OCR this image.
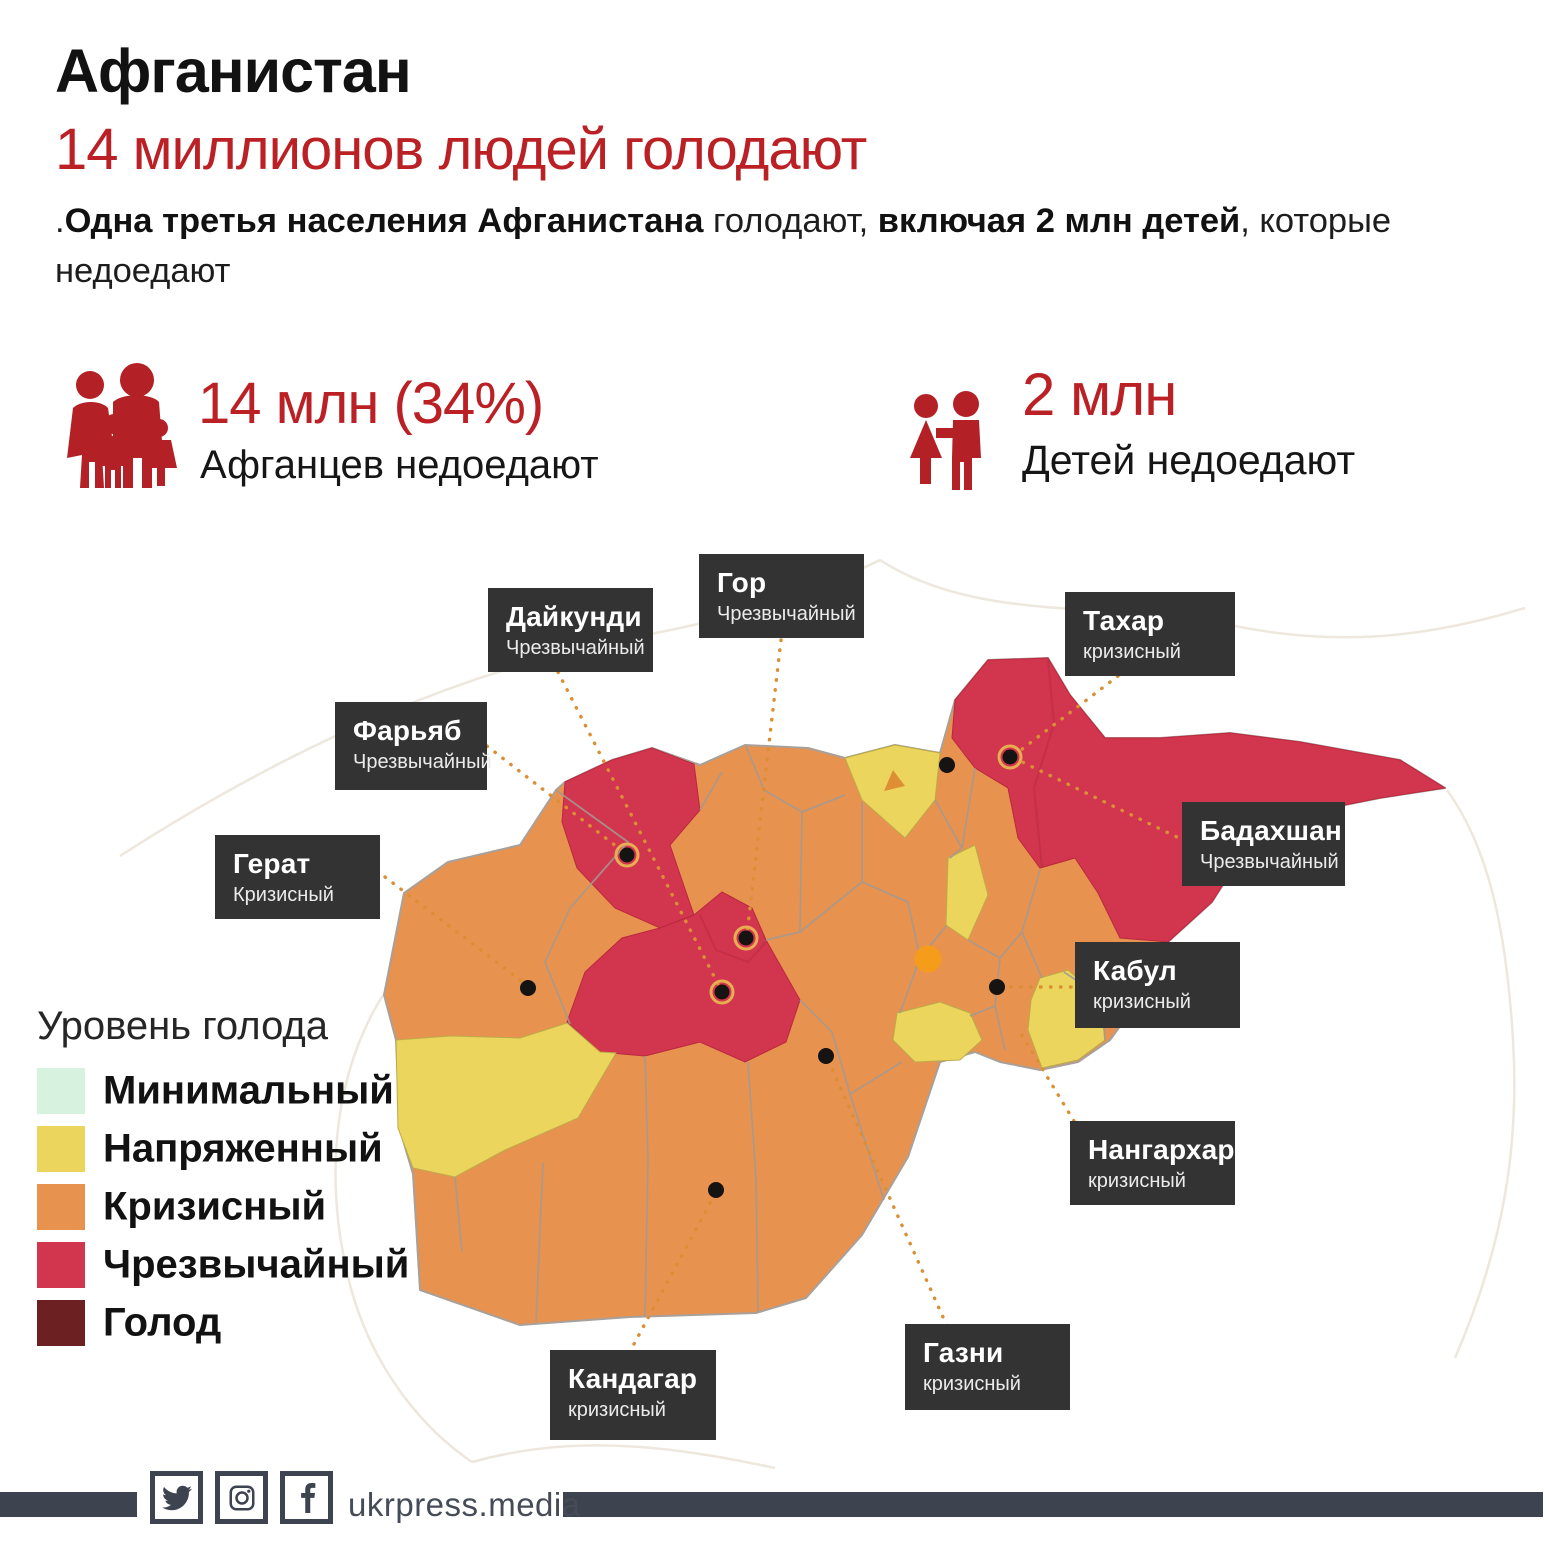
Афганистан
14 миллионов людей голодают

.Одна третья населения Афганистана голодают, включая 2 млн детей, которые недоедают

14 млн (34%)
Афганцев недоедают
2 млн
Детей недоедают
Гор
Чрезвычайный
Дайкунди
Чрезвычайный
Тахар
кризисный
Фарьяб
Чрезвычайный
Герат
Кризисный
Бадахшан
Чрезвычайный
Кабул
кризисный
Нангархар
кризисный
Газни
кризисный
Кандагар
кризисный
Уровень голода
Минимальный
Напряженный
Кризисный
Чрезвычайный
Голод
ukrpress.media
